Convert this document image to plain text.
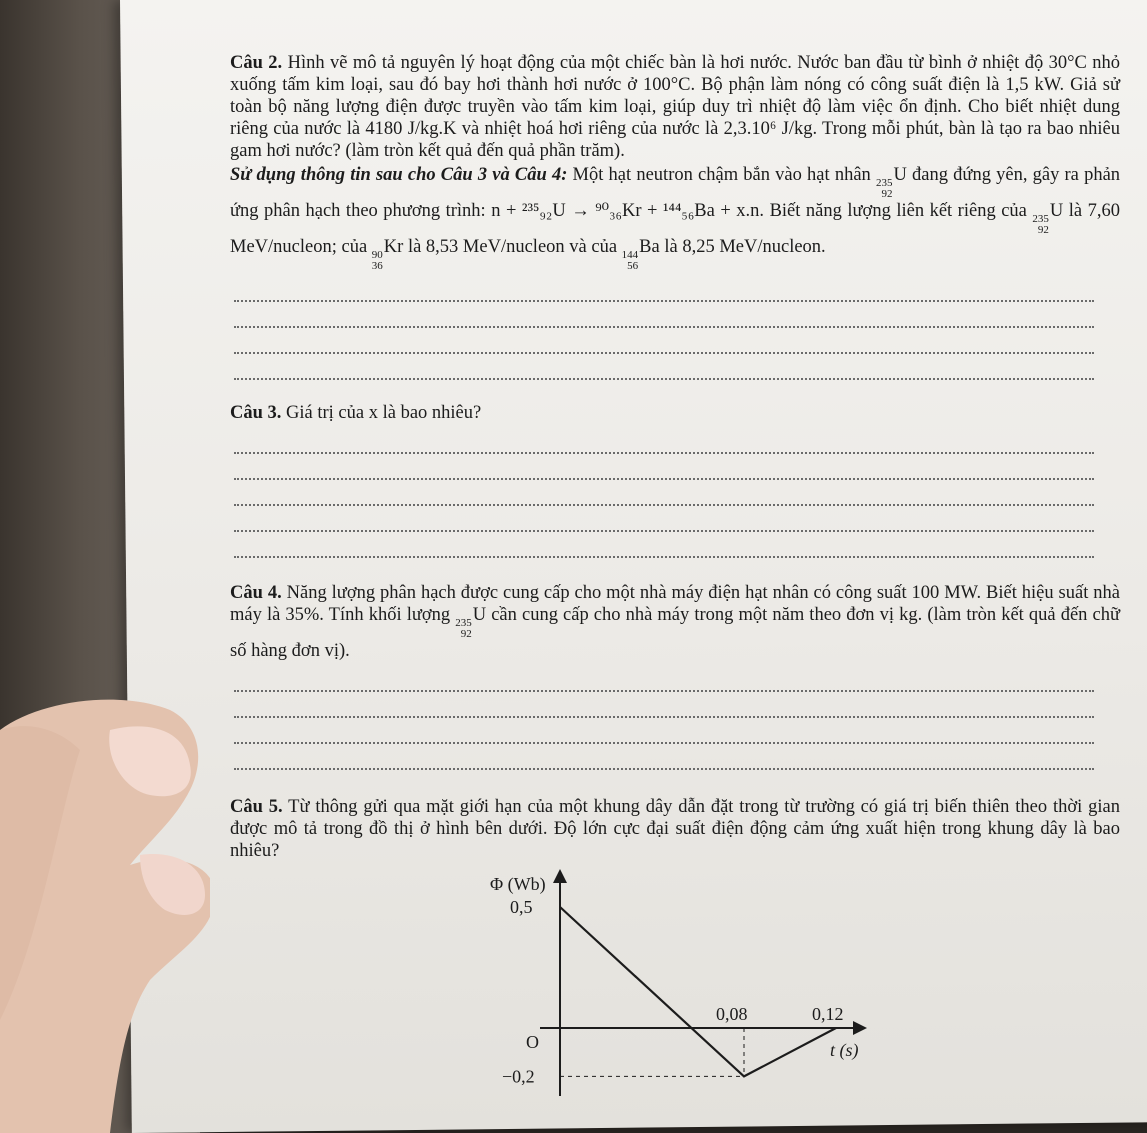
Câu 2. Hình vẽ mô tả nguyên lý hoạt động của một chiếc bàn là hơi nước. Nước ban đầu từ bình ở nhiệt độ 30°C nhỏ xuống tấm kim loại, sau đó bay hơi thành hơi nước ở 100°C. Bộ phận làm nóng có công suất điện là 1,5 kW. Giả sử toàn bộ năng lượng điện được truyền vào tấm kim loại, giúp duy trì nhiệt độ làm việc ổn định. Cho biết nhiệt dung riêng của nước là 4180 J/kg.K và nhiệt hoá hơi riêng của nước là 2,3.10⁶ J/kg. Trong mỗi phút, bàn là tạo ra bao nhiêu gam hơi nước? (làm tròn kết quả đến quả phần trăm).

Sử dụng thông tin sau cho Câu 3 và Câu 4: Một hạt neutron chậm bắn vào hạt nhân 235
92
U đang đứng yên, gây ra phản ứng phân hạch theo phương trình: n + ²³⁵₉₂U → ⁹⁰₃₆Kr + ¹⁴⁴₅₆Ba + x.n. Biết năng lượng liên kết riêng của 235
92
U là 7,60 MeV/nucleon; của 90
36
Kr là 8,53 MeV/nucleon và của 144
56
Ba là 8,25 MeV/nucleon.

Câu 3. Giá trị của x là bao nhiêu?

Câu 4. Năng lượng phân hạch được cung cấp cho một nhà máy điện hạt nhân có công suất 100 MW. Biết hiệu suất nhà máy là 35%. Tính khối lượng 235
92
U cần cung cấp cho nhà máy trong một năm theo đơn vị kg. (làm tròn kết quả đến chữ số hàng đơn vị).

Câu 5. Từ thông gửi qua mặt giới hạn của một khung dây dẫn đặt trong từ trường có giá trị biến thiên theo thời gian được mô tả trong đồ thị ở hình bên dưới. Độ lớn cực đại suất điện động cảm ứng xuất hiện trong khung dây là bao nhiêu?

0,08	0,12
0,5
−0,2
Φ (Wb)
t (s)
O
